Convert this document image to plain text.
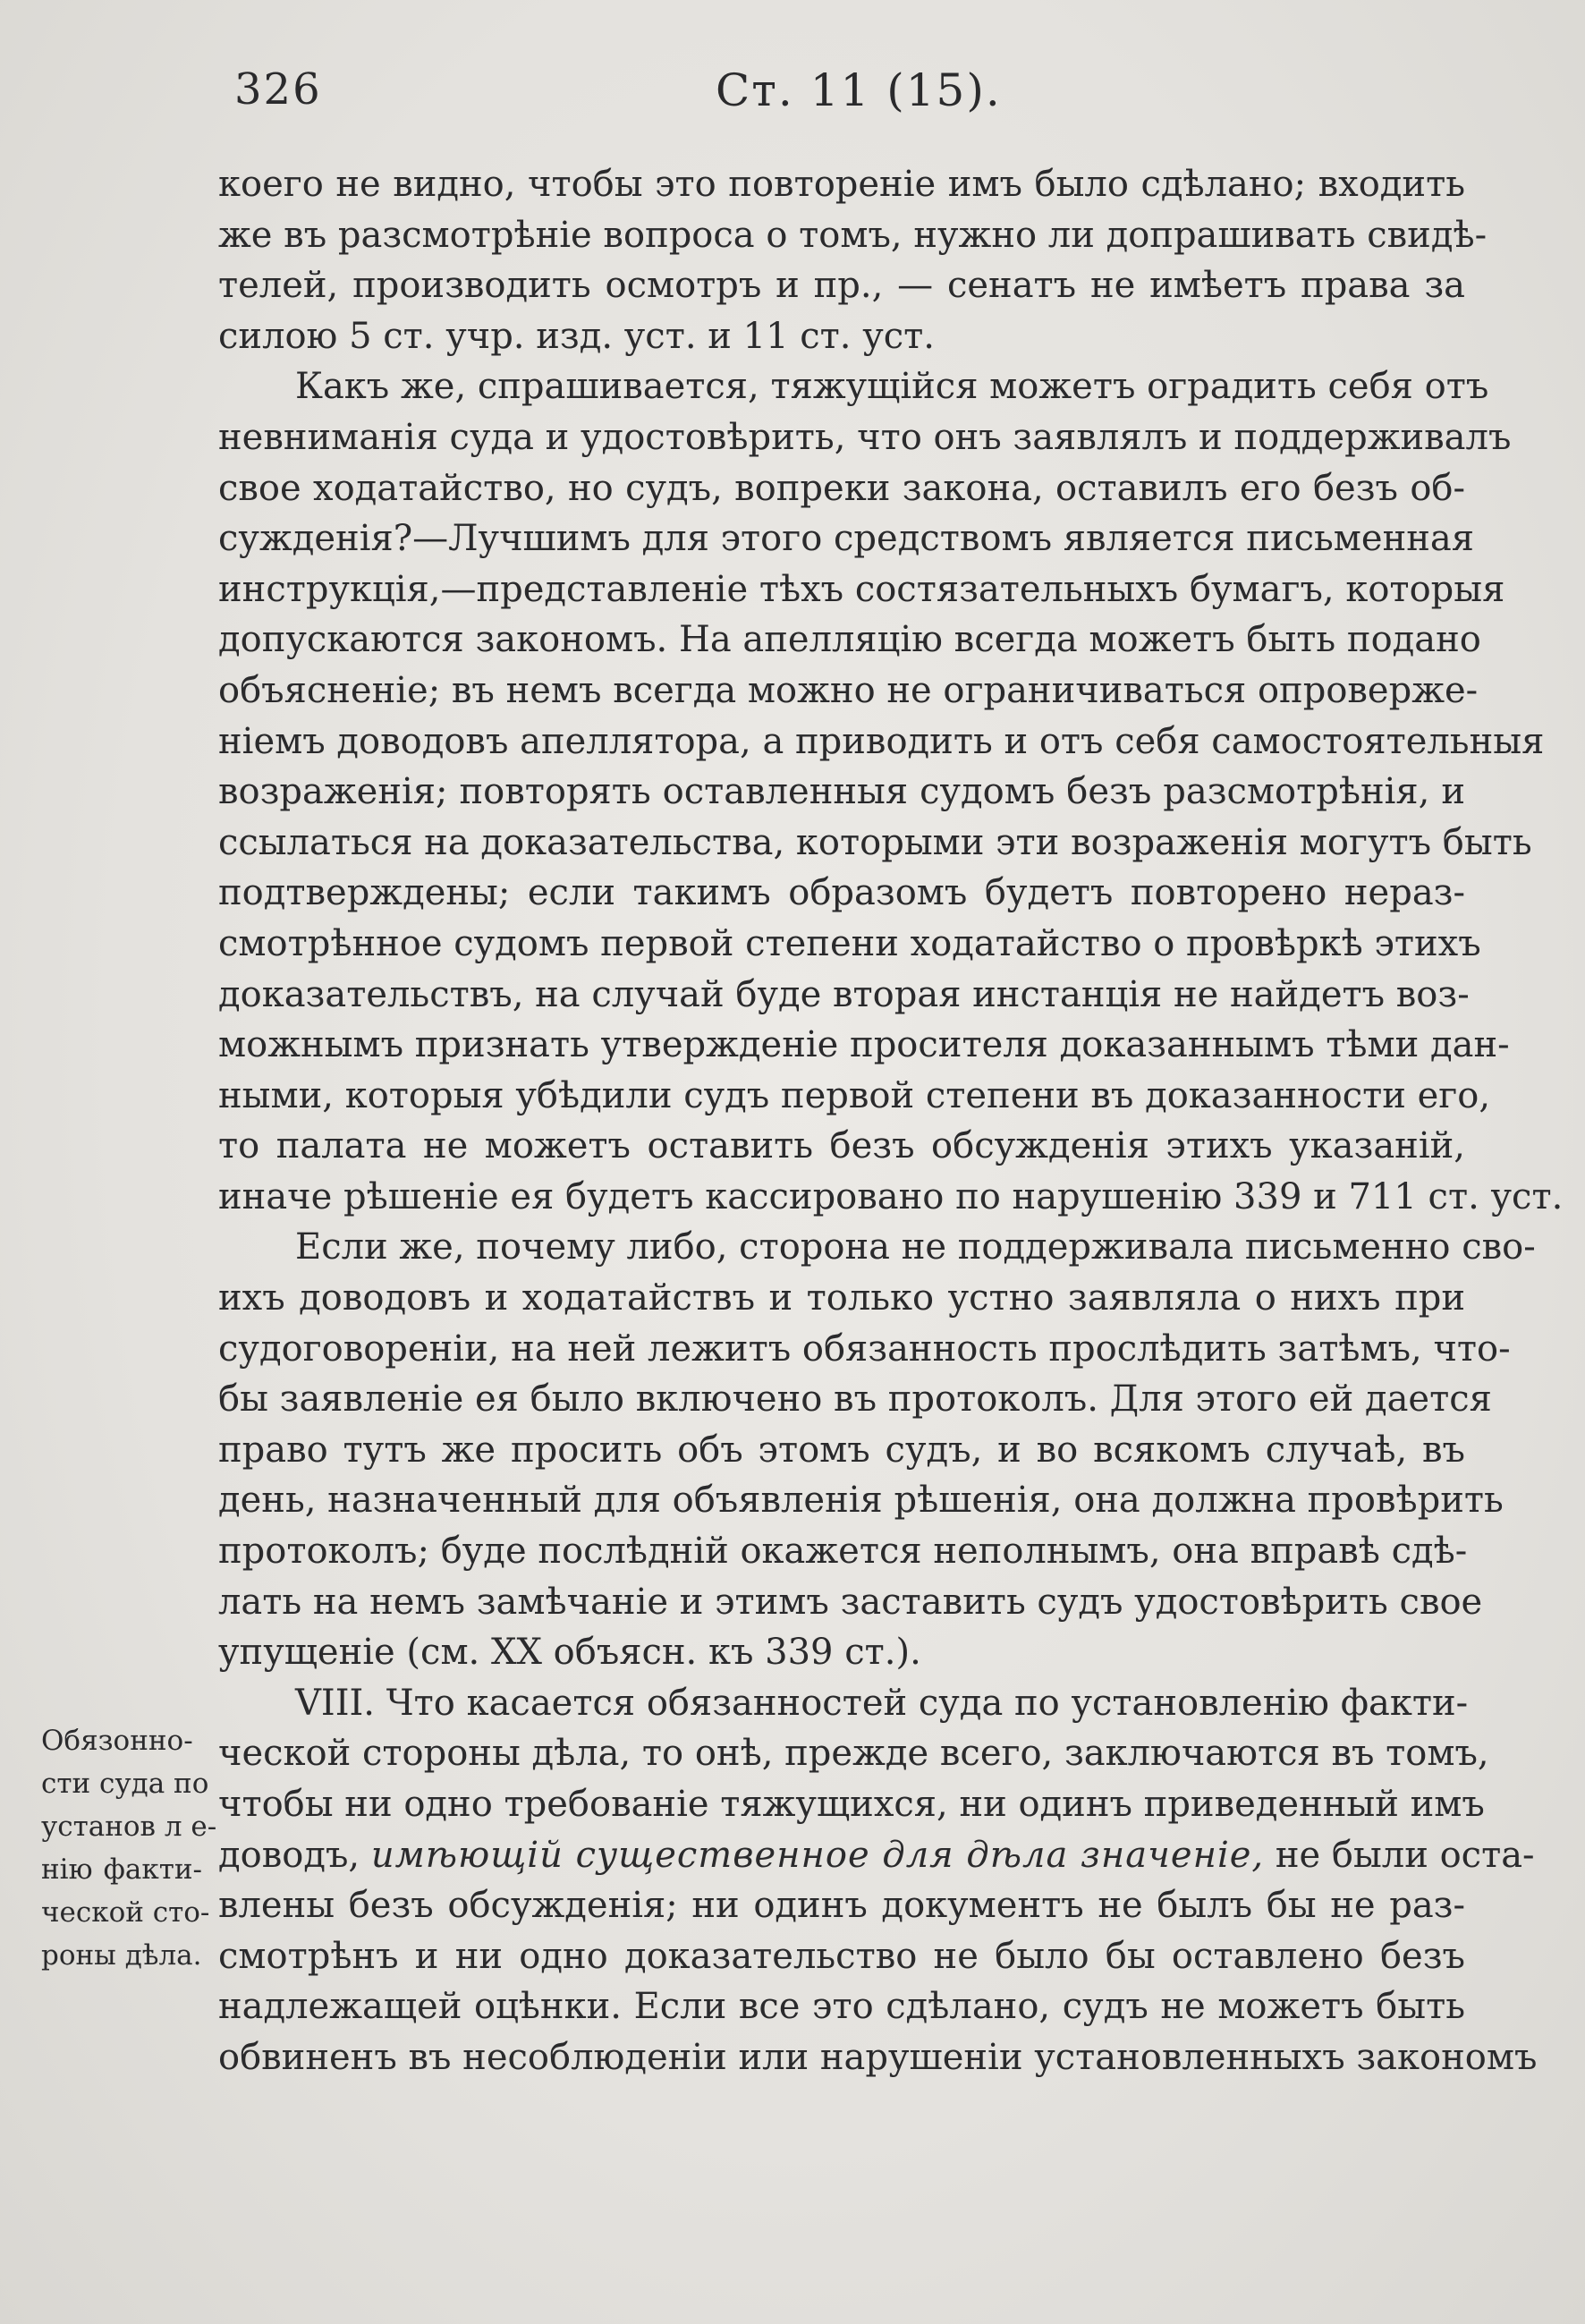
326	Ст. 11 (15).
коего не видно, чтобы это повторенiе имъ было сдѣлано; входить
же въ разсмотрѣнiе вопроса о томъ, нужно ли допрашивать свидѣ-
телей, производить осмотръ и пр., — сенатъ не имѣетъ права за
силою 5 ст. учр. изд. уст. и 11 ст. уст.
Какъ же, спрашивается, тяжущiйся можетъ оградить себя отъ
невниманiя суда и удостовѣрить, что онъ заявлялъ и поддерживалъ
свое ходатайство, но судъ, вопреки закона, оставилъ его безъ об-
сужденiя?—Лучшимъ для этого средствомъ является письменная
инструкцiя,—представленiе тѣхъ состязательныхъ бумагъ, которыя
допускаются закономъ. На апелляцiю всегда можетъ быть подано
объясненiе; въ немъ всегда можно не ограничиваться опроверже-
нiемъ доводовъ апеллятора, а приводить и отъ себя самостоятельныя
возраженiя; повторять оставленныя судомъ безъ разсмотрѣнiя, и
ссылаться на доказательства, которыми эти возраженiя могутъ быть
подтверждены; если такимъ образомъ будетъ повторено нераз-
смотрѣнное судомъ первой степени ходатайство о провѣркѣ этихъ
доказательствъ, на случай буде вторая инстанцiя не найдетъ воз-
можнымъ признать утвержденiе просителя доказаннымъ тѣми дан-
ными, которыя убѣдили судъ первой степени въ доказанности его,
то палата не можетъ оставить безъ обсужденiя этихъ указанiй,
иначе рѣшенiе ея будетъ кассировано по нарушенiю 339 и 711 ст. уст.
Если же, почему либо, сторона не поддерживала письменно сво-
ихъ доводовъ и ходатайствъ и только устно заявляла о нихъ при
судоговоренiи, на ней лежитъ обязанность прослѣдить затѣмъ, что-
бы заявленiе ея было включено въ протоколъ. Для этого ей дается
право тутъ же просить объ этомъ судъ, и во всякомъ случаѣ, въ
день, назначенный для объявленiя рѣшенiя, она должна провѣрить
протоколъ; буде послѣднiй окажется неполнымъ, она вправѣ сдѣ-
лать на немъ замѣчанiе и этимъ заставить судъ удостовѣрить свое
упущенiе (см. XX объясн. къ 339 ст.).
VIII. Что касается обязанностей суда по установленiю факти-
ческой стороны дѣла, то онѣ, прежде всего, заключаются въ томъ,
чтобы ни одно требованiе тяжущихся, ни одинъ приведенный имъ
доводъ, имѣющiй существенное для дѣла значенiе, не были оста-
влены безъ обсужденiя; ни одинъ документъ не былъ бы не раз-
смотрѣнъ и ни одно доказательство не было бы оставлено безъ
надлежащей оцѣнки. Если все это сдѣлано, судъ не можетъ быть
обвиненъ въ несоблюденiи или нарушенiи установленныхъ закономъ
Обязонно-
сти суда по
установ л е-
нiю факти-
ческой сто-
роны дѣла.
